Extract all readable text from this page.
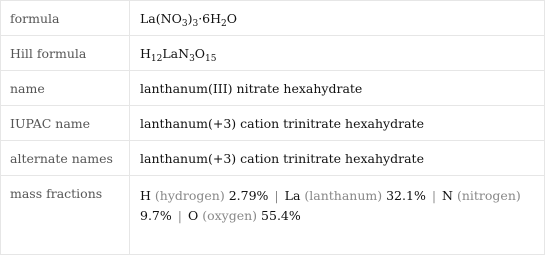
formula	$La(NO_3)_3\cdot 6H_2O$
Hill formula	$H_{12}LaN_3O_{15}$
name	lanthanum(III) nitrate hexahydrate
IUPAC name	lanthanum(+3) cation trinitrate hexahydrate
alternate names	lanthanum(+3) cation trinitrate hexahydrate
mass fractions	H (hydrogen) 2.79% | La (lanthanum) 32.1% | N (nitrogen) 9.7% | O (oxygen) 55.4%
